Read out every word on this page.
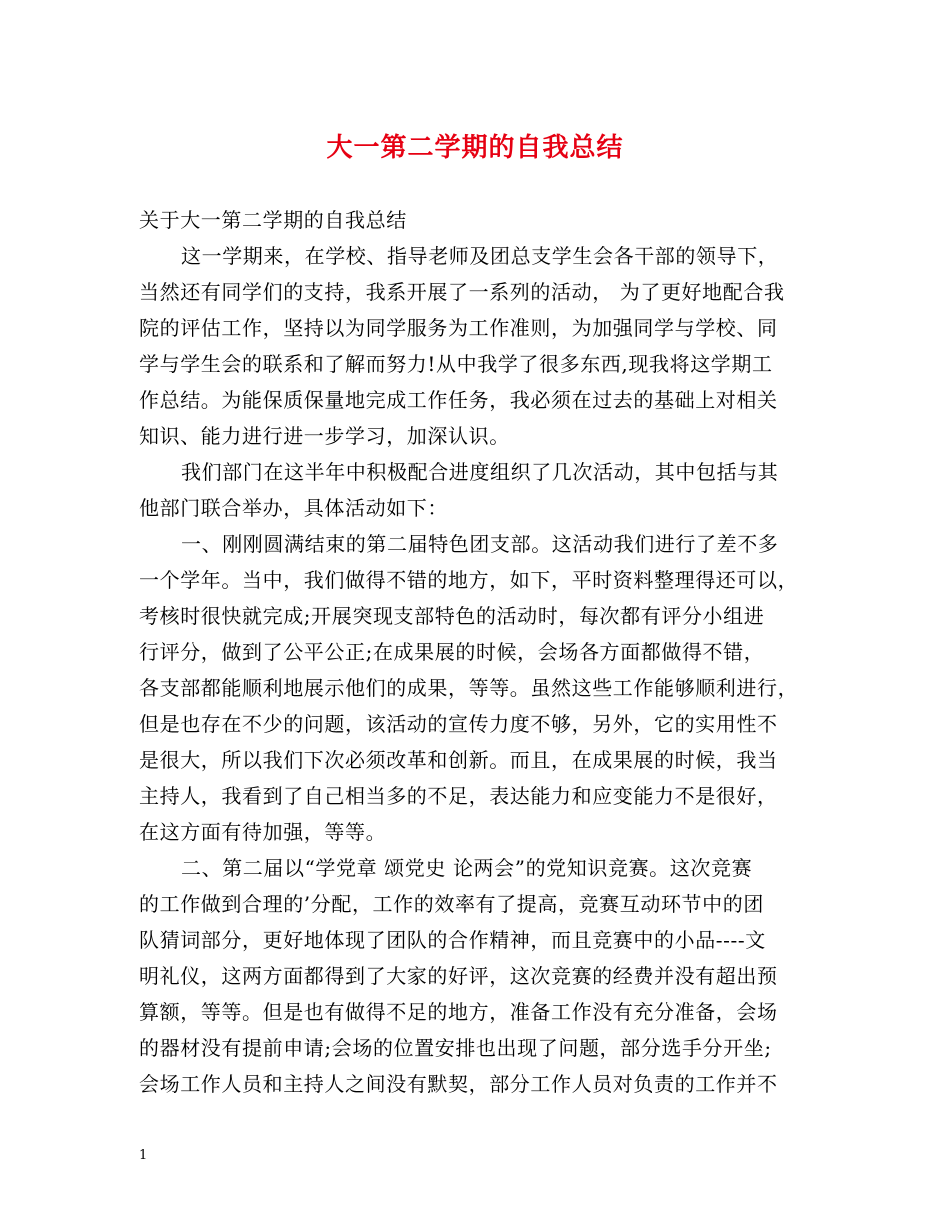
大一第二学期的自我总结
关于大一第二学期的自我总结
这一学期来，在学校、指导老师及团总支学生会各干部的领导下，
当然还有同学们的支持，我系开展了一系列的活动， 为了更好地配合我
院的评估工作，坚持以为同学服务为工作准则，为加强同学与学校、同
学与学生会的联系和了解而努力!从中我学了很多东西,现我将这学期工
作总结。为能保质保量地完成工作任务，我必须在过去的基础上对相关
知识、能力进行进一步学习，加深认识。
我们部门在这半年中积极配合进度组织了几次活动，其中包括与其
他部门联合举办，具体活动如下：
一、刚刚圆满结束的第二届特色团支部。这活动我们进行了差不多
一个学年。当中，我们做得不错的地方，如下，平时资料整理得还可以，
考核时很快就完成;开展突现支部特色的活动时，每次都有评分小组进
行评分，做到了公平公正;在成果展的时候，会场各方面都做得不错，
各支部都能顺利地展示他们的成果，等等。虽然这些工作能够顺利进行，
但是也存在不少的问题，该活动的宣传力度不够，另外，它的实用性不
是很大，所以我们下次必须改革和创新。而且，在成果展的时候，我当
主持人，我看到了自己相当多的不足，表达能力和应变能力不是很好，
在这方面有待加强，等等。
二、第二届以“学党章 颂党史 论两会”的党知识竞赛。这次竞赛
的工作做到合理的’分配，工作的效率有了提高，竞赛互动环节中的团
队猜词部分，更好地体现了团队的合作精神，而且竞赛中的小品----文
明礼仪，这两方面都得到了大家的好评，这次竞赛的经费并没有超出预
算额，等等。但是也有做得不足的地方，准备工作没有充分准备，会场
的器材没有提前申请;会场的位置安排也出现了问题，部分选手分开坐;
会场工作人员和主持人之间没有默契，部分工作人员对负责的工作并不
1
